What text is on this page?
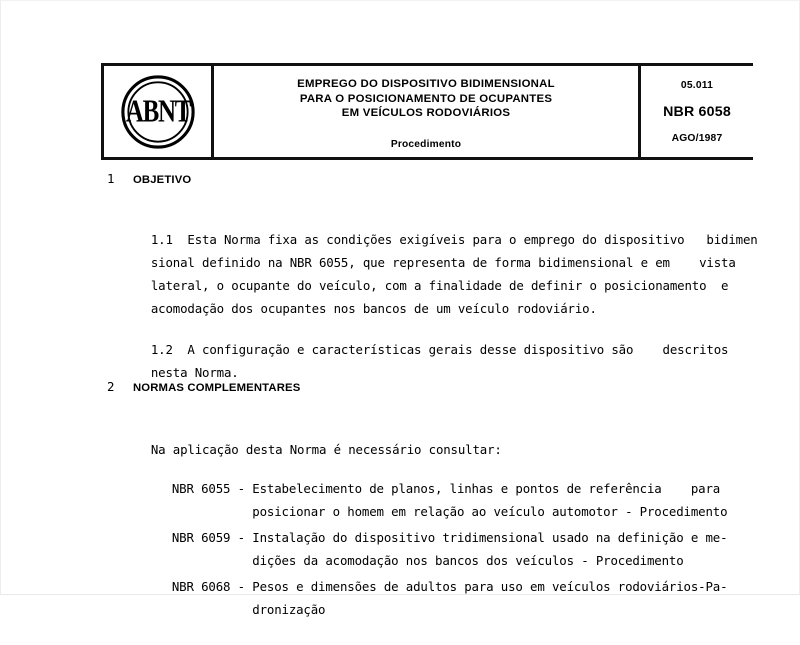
ABNT
EMPREGO DO DISPOSITIVO BIDIMENSIONAL
PARA O POSICIONAMENTO DE OCUPANTES
EM VEÍCULOS RODOVIÁRIOS
Procedimento
05.011
NBR 6058
AGO/1987
1	OBJETIVO

1.1  Esta Norma fixa as condições exigíveis para o emprego do dispositivo   bidimen

sional definido na NBR 6055, que representa de forma bidimensional e em    vista

lateral, o ocupante do veículo, com a finalidade de definir o posicionamento  e

acomodação dos ocupantes nos bancos de um veículo rodoviário.

1.2  A configuração e características gerais desse dispositivo são    descritos

nesta Norma.

2	NORMAS COMPLEMENTARES

Na aplicação desta Norma é necessário consultar:

NBR 6055 - Estabelecimento de planos, linhas e pontos de referência    para

posicionar o homem em relação ao veículo automotor - Procedimento

NBR 6059 - Instalação do dispositivo tridimensional usado na definição e me-

dições da acomodação nos bancos dos veículos - Procedimento

NBR 6068 - Pesos e dimensões de adultos para uso em veículos rodoviários-Pa-

dronização
